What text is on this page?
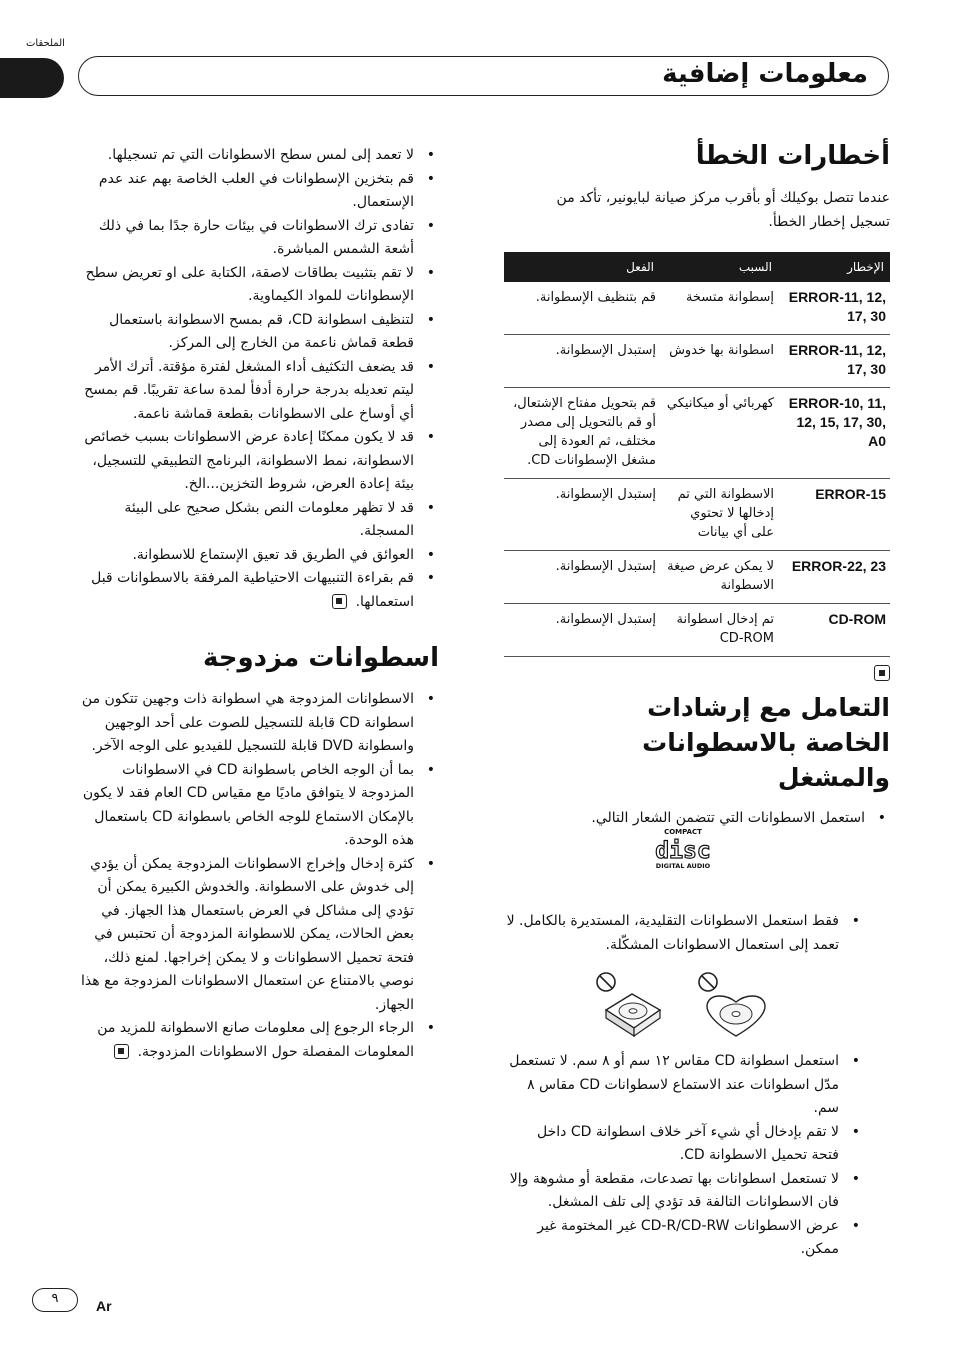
الملحقات
معلومات إضافية
أخطارات الخطأ

عندما تتصل بوكيلك أو بأقرب مركز صيانة لبايونير، تأكد من تسجيل إخطار الخطأ.

الإخطار	السبب	الفعل
ERROR-11, 12, 17, 30	إسطوانة متسخة	قم بتنظيف الإسطوانة.
ERROR-11, 12, 17, 30	اسطوانة بها خدوش	إستبدل الإسطوانة.
ERROR-10, 11, 12, 15, 17, 30, A0	كهربائي أو ميكانيكي	قم بتحويل مفتاح الإشتعال، أو قم بالتحويل إلى مصدر مختلف، ثم العودة إلى مشغل الإسطوانات CD.
ERROR-15	الاسطوانة التي تم إدخالها لا تحتوي على أي بيانات	إستبدل الإسطوانة.
ERROR-22, 23	لا يمكن عرض صيغة الاسطوانة	إستبدل الإسطوانة.
CD-ROM	تم إدخال اسطوانة CD-ROM	إستبدل الإسطوانة.
التعامل مع إرشادات الخاصة بالاسطوانات والمشغل
• استعمل الاسطوانات التي تتضمن الشعار التالي.
COMPACT
disc
DIGITAL AUDIO
• فقط استعمل الاسطوانات التقليدية، المستديرة بالكامل. لا تعمد إلى استعمال الاسطوانات المشكّلة.
• استعمل اسطوانة CD مقاس ١٢ سم أو ٨ سم. لا تستعمل مدّل اسطوانات عند الاستماع لاسطوانات CD مقاس ٨ سم.
• لا تقم بإدخال أي شيء آخر خلاف اسطوانة CD داخل فتحة تحميل الاسطوانة CD.
• لا تستعمل اسطوانات بها تصدعات، مقطعة أو مشوهة وإلا فان الاسطوانات التالفة قد تؤدي إلى تلف المشغل.
• عرض الاسطوانات CD-R/CD-RW غير المختومة غير ممكن.
• لا تعمد إلى لمس سطح الاسطوانات التي تم تسجيلها.
• قم بتخزين الإسطوانات في العلب الخاصة بهم عند عدم الإستعمال.
• تفادى ترك الاسطوانات في بيئات حارة جدًا بما في ذلك أشعة الشمس المباشرة.
• لا تقم بتثبيت بطاقات لاصقة، الكتابة على او تعريض سطح الإسطوانات للمواد الكيماوية.
• لتنظيف اسطوانة CD، قم بمسح الاسطوانة باستعمال قطعة قماش ناعمة من الخارج إلى المركز.
• قد يضعف التكثيف أداء المشغل لفترة مؤقتة. أترك الأمر ليتم تعديله بدرجة حرارة أدفأ لمدة ساعة تقريبًا. قم بمسح أي أوساخ على الاسطوانات بقطعة قماشة ناعمة.
• قد لا يكون ممكنًا إعادة عرض الاسطوانات بسبب خصائص الاسطوانة، نمط الاسطوانة، البرنامج التطبيقي للتسجيل، بيئة إعادة العرض، شروط التخزين...الخ.
• قد لا تظهر معلومات النص بشكل صحيح على البيئة المسجلة.
• العوائق في الطريق قد تعيق الإستماع للاسطوانة.
• قم بقراءة التنبيهات الاحتياطية المرفقة بالاسطوانات قبل استعمالها.
اسطوانات مزدوجة
• الاسطوانات المزدوجة هي اسطوانة ذات وجهين تتكون من اسطوانة CD قابلة للتسجيل للصوت على أحد الوجهين واسطوانة DVD قابلة للتسجيل للفيديو على الوجه الآخر.
• بما أن الوجه الخاص باسطوانة CD في الاسطوانات المزدوجة لا يتوافق ماديًا مع مقياس CD العام فقد لا يكون بالإمكان الاستماع للوجه الخاص باسطوانة CD باستعمال هذه الوحدة.
• كثرة إدخال وإخراج الاسطوانات المزدوجة يمكن أن يؤدي إلى خدوش على الاسطوانة. والخدوش الكبيرة يمكن أن تؤدي إلى مشاكل في العرض باستعمال هذا الجهاز. في بعض الحالات، يمكن للاسطوانة المزدوجة أن تحتبس في فتحة تحميل الاسطوانات و لا يمكن إخراجها. لمنع ذلك، نوصي بالامتناع عن استعمال الاسطوانات المزدوجة مع هذا الجهاز.
• الرجاء الرجوع إلى معلومات صانع الاسطوانة للمزيد من المعلومات المفصلة حول الاسطوانات المزدوجة.
٩	Ar
